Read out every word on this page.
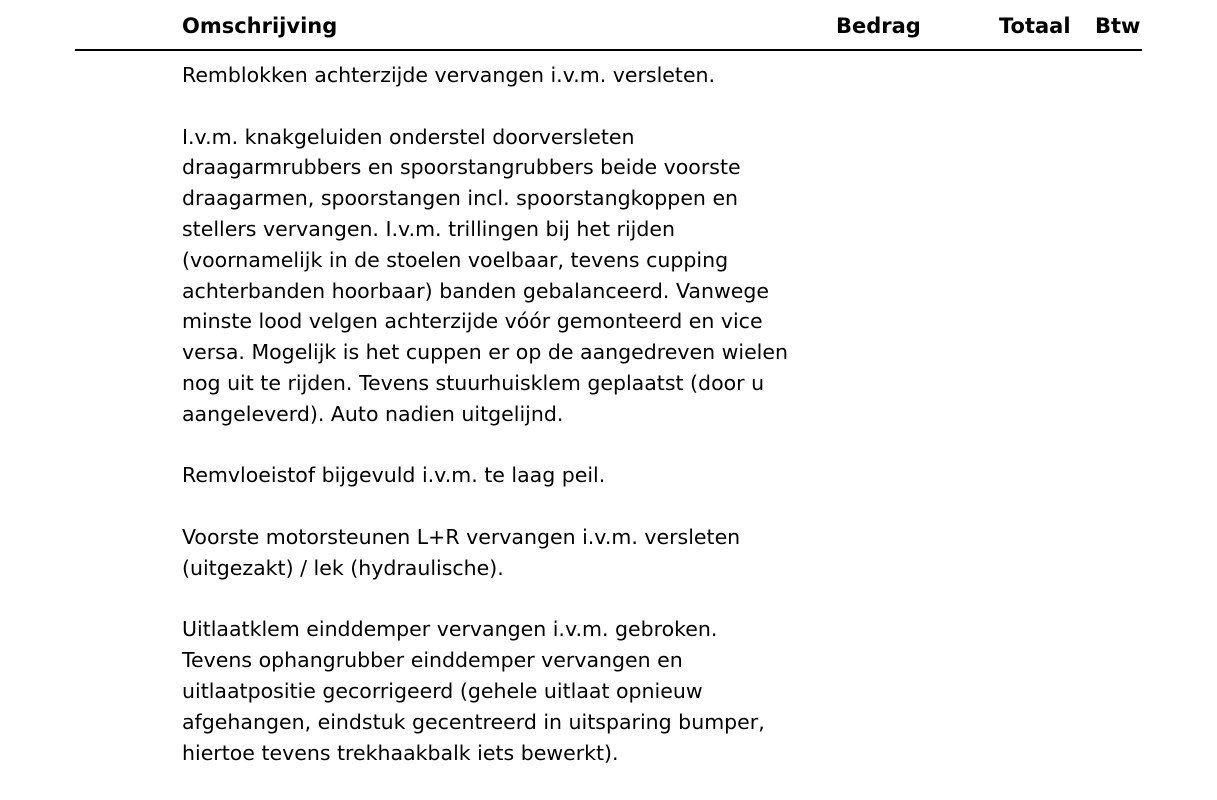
Omschrijving	Bedrag	Totaal Btw

Remblokken achterzijde vervangen i.v.m. versleten.

I.v.m. knakgeluiden onderstel doorversleten
draagarmrubbers en spoorstangrubbers beide voorste
draagarmen, spoorstangen incl. spoorstangkoppen en
stellers vervangen. I.v.m. trillingen bij het rijden
(voornamelijk in de stoelen voelbaar, tevens cupping
achterbanden hoorbaar) banden gebalanceerd. Vanwege
minste lood velgen achterzijde vóór gemonteerd en vice
versa. Mogelijk is het cuppen er op de aangedreven wielen
nog uit te rijden. Tevens stuurhuisklem geplaatst (door u
aangeleverd). Auto nadien uitgelijnd.

Remvloeistof bijgevuld i.v.m. te laag peil.

Voorste motorsteunen L+R vervangen i.v.m. versleten
(uitgezakt) / lek (hydraulische).

Uitlaatklem einddemper vervangen i.v.m. gebroken.
Tevens ophangrubber einddemper vervangen en
uitlaatpositie gecorrigeerd (gehele uitlaat opnieuw
afgehangen, eindstuk gecentreerd in uitsparing bumper,
hiertoe tevens trekhaakbalk iets bewerkt).
